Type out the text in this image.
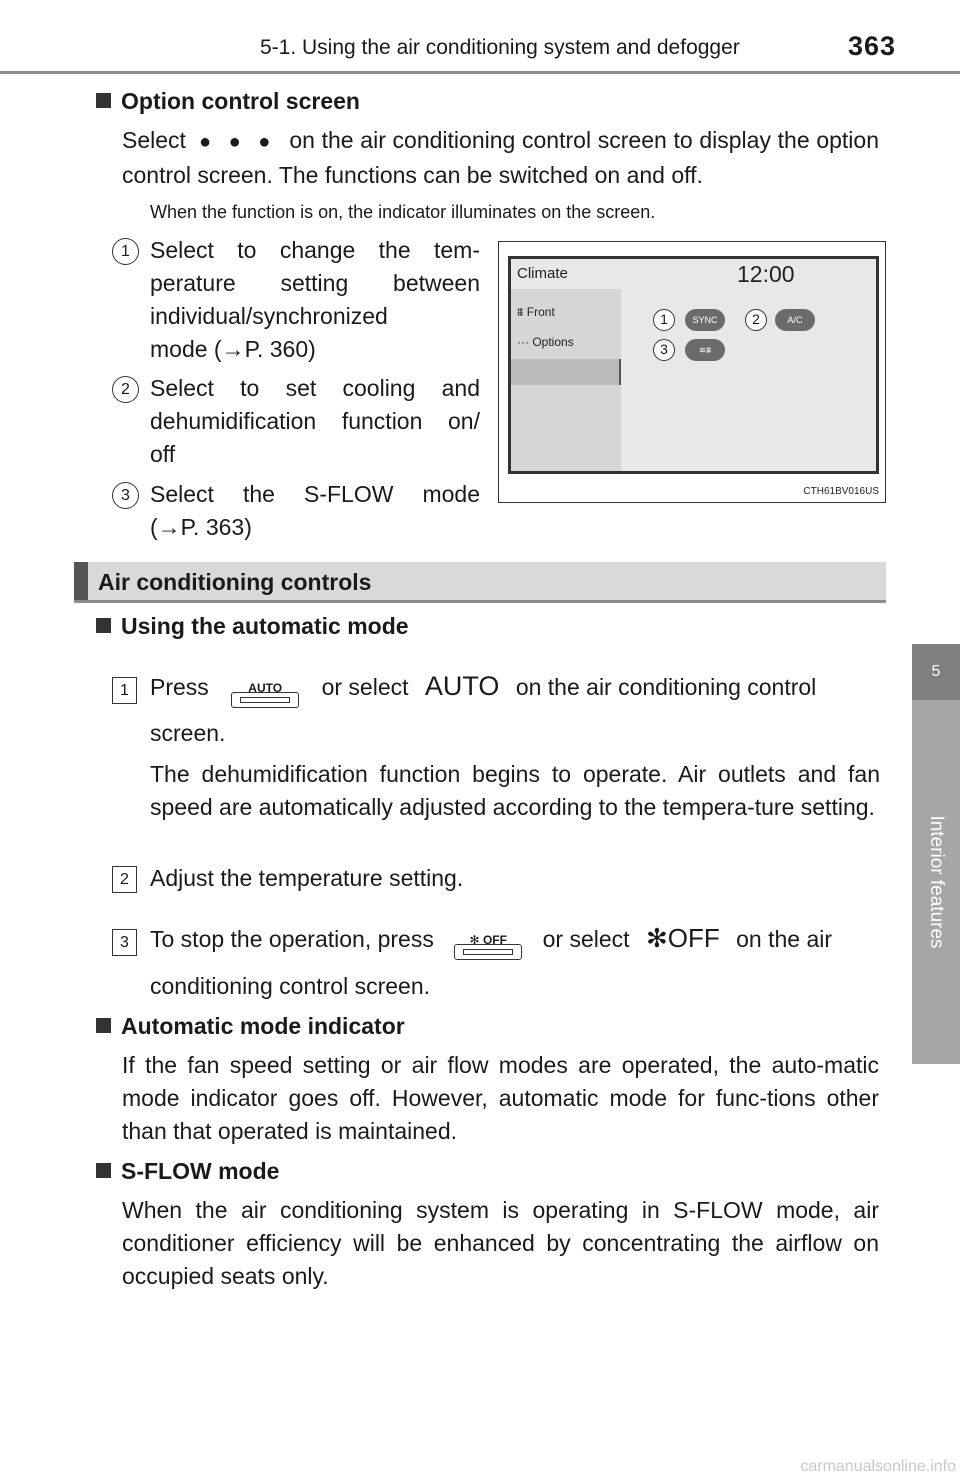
5-1. Using the air conditioning system and defogger	363
5
Interior features
Option control screen
Select ● ● ● on the air conditioning control screen to display the option control screen. The functions can be switched on and off.
When the function is on, the indicator illuminates on the screen.
1 Select to change the tem-
perature setting between
individual/synchronized
mode (→P. 360)
2 Select to set cooling and
dehumidification function on/
off
3 Select the S-FLOW mode
(→P. 363)
Climate	12:00
⩩ Front
··· Options
1	SYNC	2	A/C
3	≋⩩
CTH61BV016US
Air conditioning controls
Using the automatic mode
1 Press	AUTO	or select AUTO on the air conditioning control
screen.
The dehumidification function begins to operate. Air outlets and fan speed are automatically adjusted according to the tempera-ture setting.
2 Adjust the temperature setting.
3 To stop the operation, press	✻ OFF	or select ✻OFF on the air
conditioning control screen.
Automatic mode indicator
If the fan speed setting or air flow modes are operated, the auto-matic mode indicator goes off. However, automatic mode for func-tions other than that operated is maintained.
S-FLOW mode
When the air conditioning system is operating in S-FLOW mode, air conditioner efficiency will be enhanced by concentrating the airflow on occupied seats only.
carmanualsonline.info
